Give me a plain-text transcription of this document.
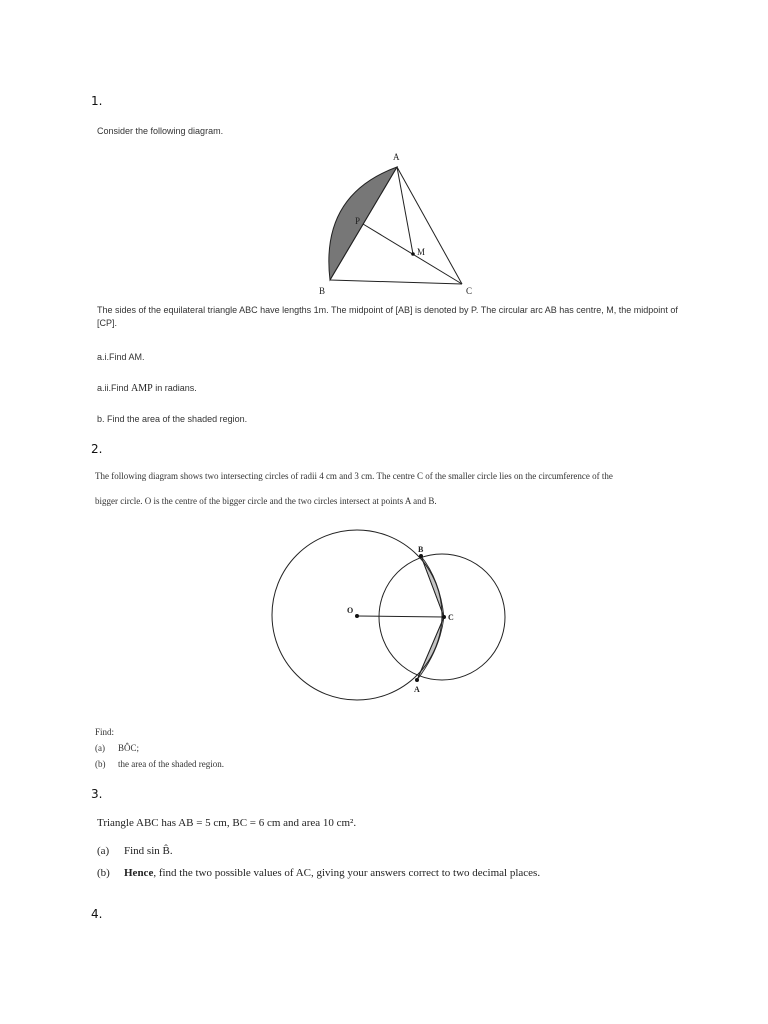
1.
Consider the following diagram.
A
P
M
B	C
The sides of the equilateral triangle ABC have lengths 1m. The midpoint of [AB] is denoted by P. The circular arc AB has centre, M, the midpoint of
[CP].
a.i.Find AM.
a.ii.Find AMP in radians.
b. Find the area of the shaded region.
2.
The following diagram shows two intersecting circles of radii 4 cm and 3 cm. The centre C of the smaller circle lies on the circumference of the
bigger circle. O is the centre of the bigger circle and the two circles intersect at points A and B.
O
B
C
A
Find:
(a) BÔC;
(b) the area of the shaded region.
3.
Triangle ABC has AB = 5 cm, BC = 6 cm and area 10 cm².
(a) Find sin B̂.
(b) Hence, find the two possible values of AC, giving your answers correct to two decimal places.
4.
